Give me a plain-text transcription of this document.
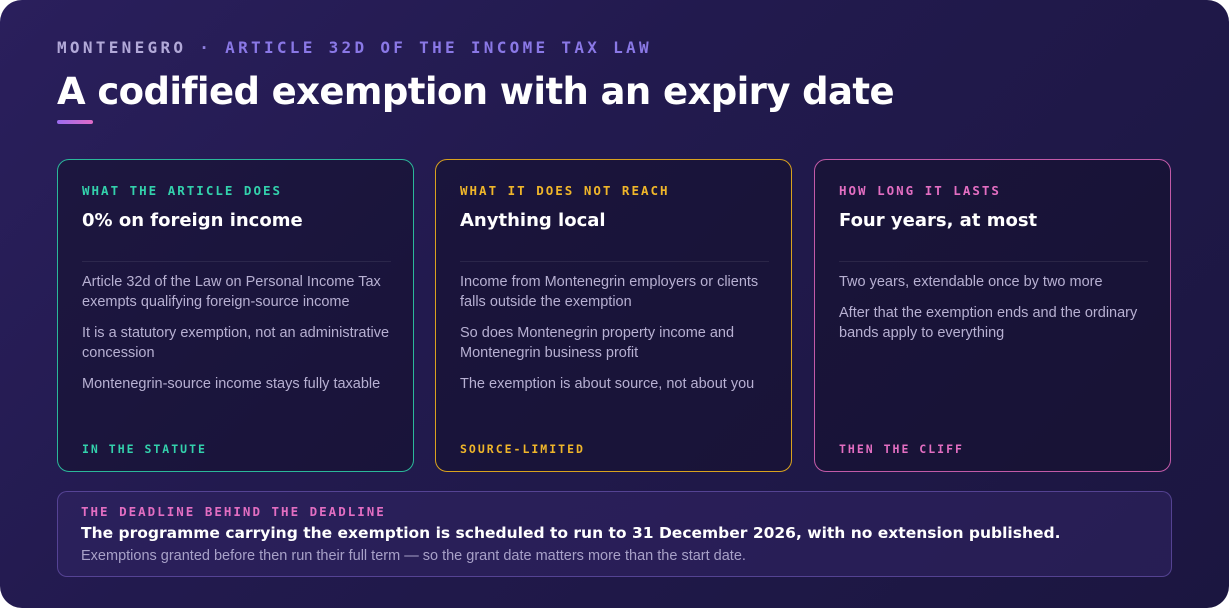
MONTENEGRO · ARTICLE 32D OF THE INCOME TAX LAW
A codified exemption with an expiry date
WHAT THE ARTICLE DOES
0% on foreign income
Article 32d of the Law on Personal Income Tax exempts qualifying foreign-source income
It is a statutory exemption, not an administrative concession
Montenegrin-source income stays fully taxable
IN THE STATUTE
WHAT IT DOES NOT REACH
Anything local
Income from Montenegrin employers or clients falls outside the exemption
So does Montenegrin property income and Montenegrin business profit
The exemption is about source, not about you
SOURCE-LIMITED
HOW LONG IT LASTS
Four years, at most
Two years, extendable once by two more
After that the exemption ends and the ordinary bands apply to everything
THEN THE CLIFF
THE DEADLINE BEHIND THE DEADLINE
The programme carrying the exemption is scheduled to run to 31 December 2026, with no extension published.
Exemptions granted before then run their full term — so the grant date matters more than the start date.
